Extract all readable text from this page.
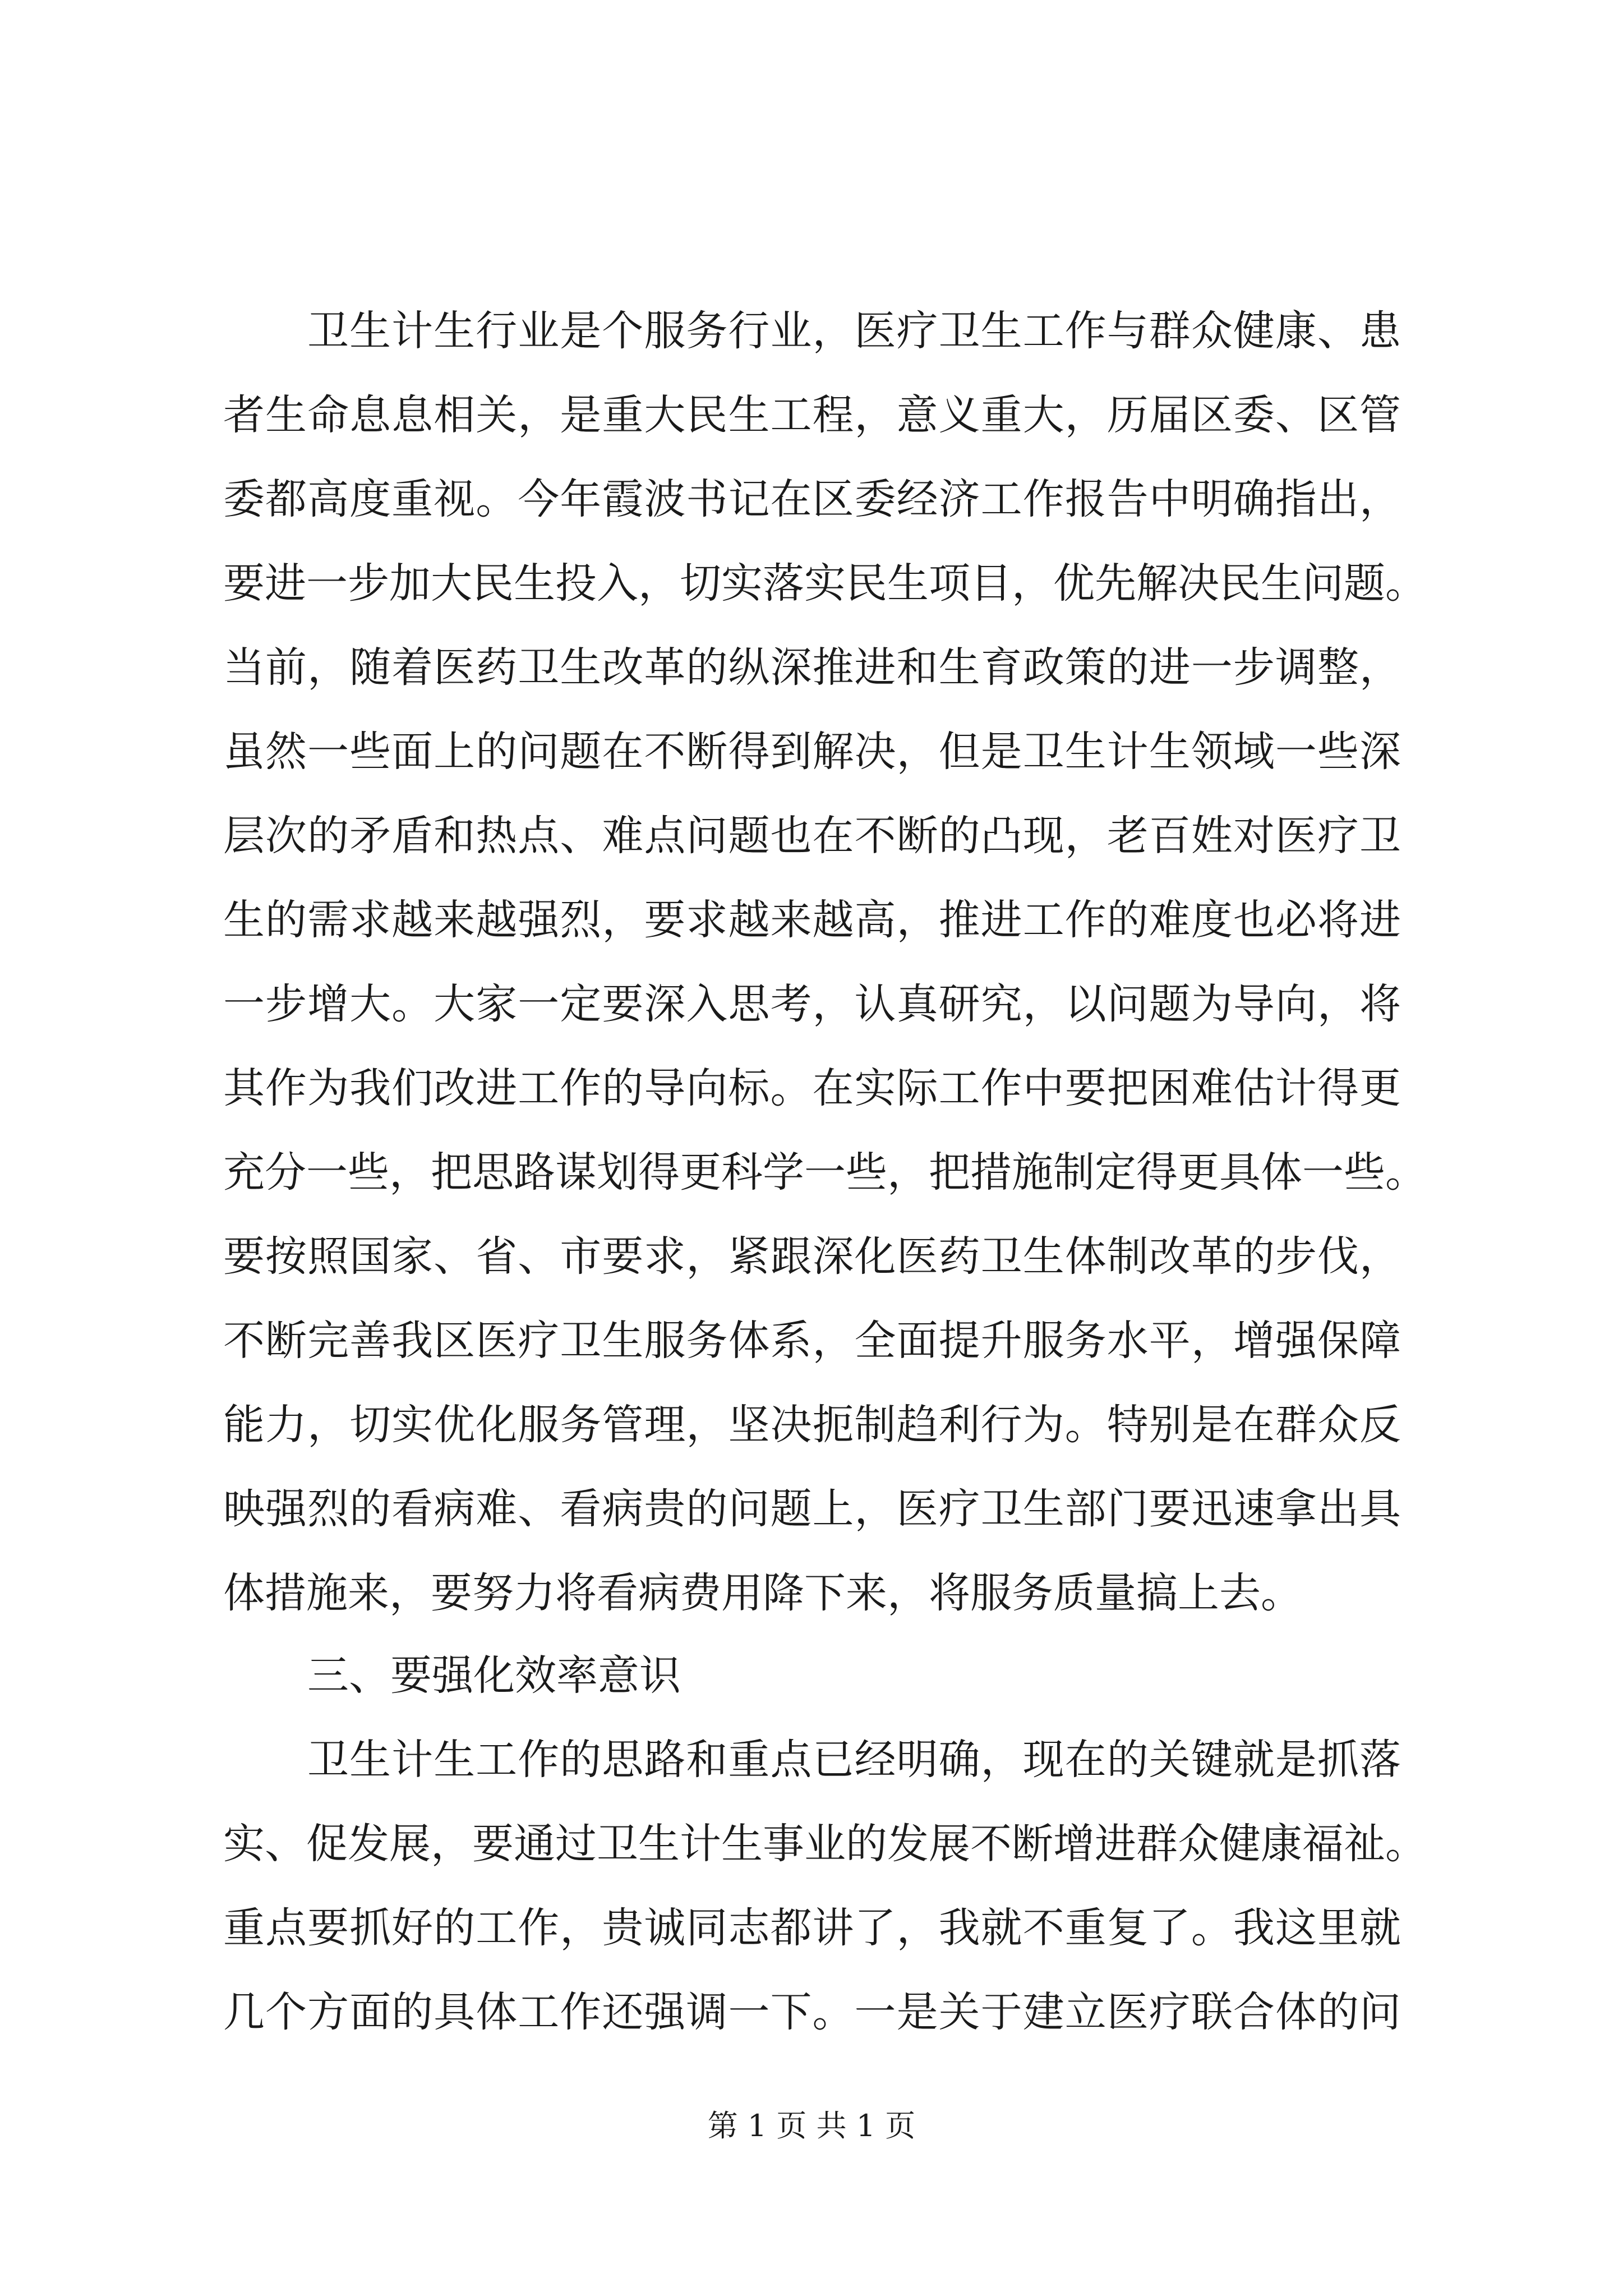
卫生计生行业是个服务行业，医疗卫生工作与群众健康、患
者生命息息相关，是重大民生工程，意义重大，历届区委、区管
委都高度重视。今年霞波书记在区委经济工作报告中明确指出，
要进一步加大民生投入，切实落实民生项目，优先解决民生问题。
当前，随着医药卫生改革的纵深推进和生育政策的进一步调整，
虽然一些面上的问题在不断得到解决，但是卫生计生领域一些深
层次的矛盾和热点、难点问题也在不断的凸现，老百姓对医疗卫
生的需求越来越强烈，要求越来越高，推进工作的难度也必将进
一步增大。大家一定要深入思考，认真研究，以问题为导向，将
其作为我们改进工作的导向标。在实际工作中要把困难估计得更
充分一些，把思路谋划得更科学一些，把措施制定得更具体一些。
要按照国家、省、市要求，紧跟深化医药卫生体制改革的步伐，
不断完善我区医疗卫生服务体系，全面提升服务水平，增强保障
能力，切实优化服务管理，坚决扼制趋利行为。特别是在群众反
映强烈的看病难、看病贵的问题上，医疗卫生部门要迅速拿出具
体措施来，要努力将看病费用降下来，将服务质量搞上去。
三、要强化效率意识
卫生计生工作的思路和重点已经明确，现在的关键就是抓落
实、促发展，要通过卫生计生事业的发展不断增进群众健康福祉。
重点要抓好的工作，贵诚同志都讲了，我就不重复了。我这里就
几个方面的具体工作还强调一下。一是关于建立医疗联合体的问
第 1 页 共 1 页
